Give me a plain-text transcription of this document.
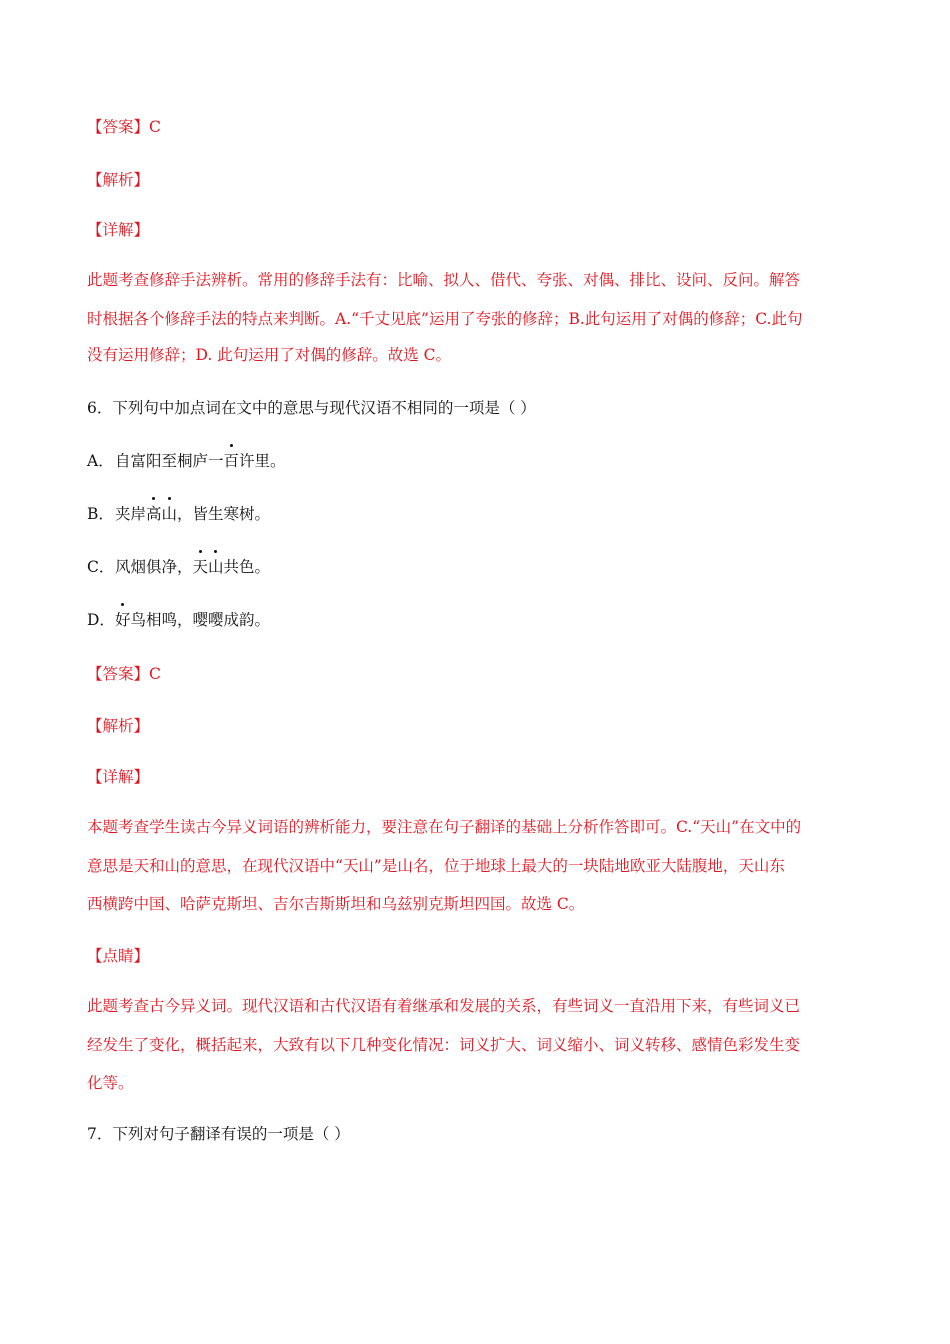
【答案】C
【解析】
【详解】
此题考查修辞手法辨析。常用的修辞手法有：比喻、拟人、借代、夸张、对偶、排比、设问、反问。解答
时根据各个修辞手法的特点来判断。A.“千丈见底”运用了夸张的修辞；B.此句运用了对偶的修辞；C.此句
没有运用修辞；D. 此句运用了对偶的修辞。故选 C。
6．下列句中加点词在文中的意思与现代汉语不相同的一项是（ ）
A．自富阳至桐庐一百许里。
B．夹岸高山，皆生寒树。
C．风烟俱净，天山共色。
D．好鸟相鸣，嘤嘤成韵。
【答案】C
【解析】
【详解】
本题考查学生读古今异义词语的辨析能力，要注意在句子翻译的基础上分析作答即可。C.“天山”在文中的
意思是天和山的意思，在现代汉语中“天山”是山名，位于地球上最大的一块陆地欧亚大陆腹地，天山东
西横跨中国、哈萨克斯坦、吉尔吉斯斯坦和乌兹别克斯坦四国。故选 C。
【点睛】
此题考查古今异义词。现代汉语和古代汉语有着继承和发展的关系，有些词义一直沿用下来，有些词义已
经发生了变化，概括起来，大致有以下几种变化情况：词义扩大、词义缩小、词义转移、感情色彩发生变
化等。
7．下列对句子翻译有误的一项是（ ）
